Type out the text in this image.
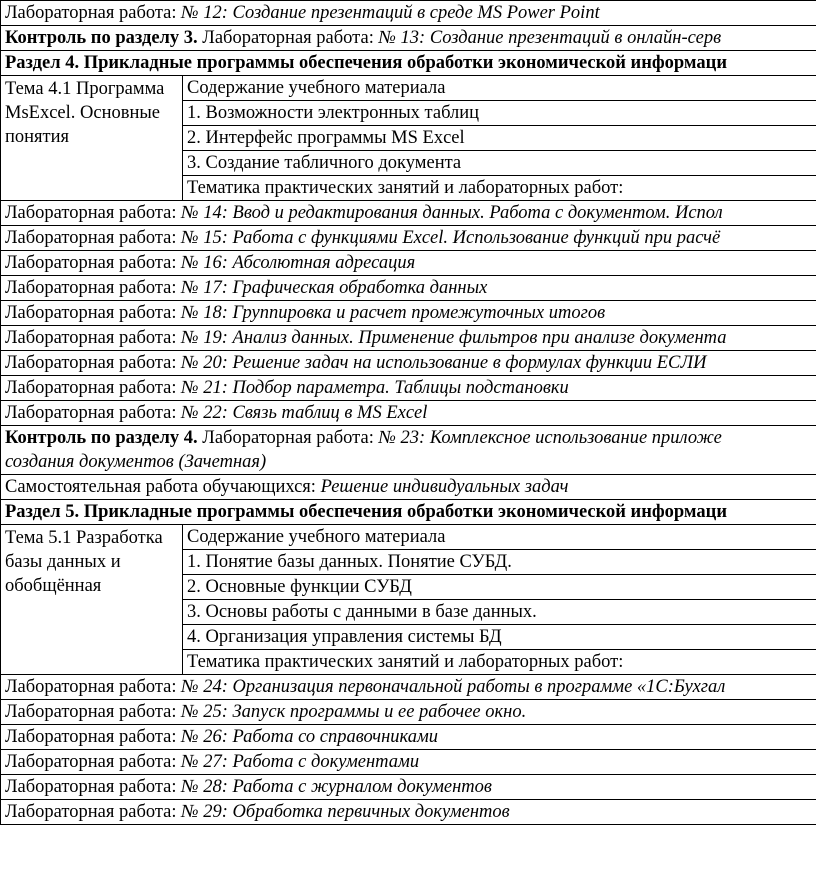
Лабораторная работа: № 12: Создание презентаций в среде MS Power Point	
Контроль по разделу 3. Лабораторная работа: № 13: Создание презентаций в онлайн-серв	
Раздел 4. Прикладные программы обеспечения обработки экономической информаци	
Тема 4.1 Программа MsExcel. Основные понятия	Содержание учебного материала
	1. Возможности электронных таблиц
	2. Интерфейс программы MS Excel
	3. Создание табличного документа
	Тематика практических занятий и лабораторных работ:
Лабораторная работа: № 14: Ввод и редактирования данных. Работа с документом. Испол	
Лабораторная работа: № 15: Работа с функциями Excel. Использование функций при расчё	
Лабораторная работа: № 16: Абсолютная адресация	
Лабораторная работа: № 17: Графическая обработка данных	
Лабораторная работа: № 18: Группировка и расчет промежуточных итогов	
Лабораторная работа: № 19: Анализ данных. Применение фильтров при анализе документа	
Лабораторная работа: № 20: Решение задач на использование в формулах функции ЕСЛИ	
Лабораторная работа: № 21: Подбор параметра. Таблицы подстановки	
Лабораторная работа: № 22: Связь таблиц в MS Excel	
Контроль по разделу 4. Лабораторная работа: № 23: Комплексное использование приложе
создания документов (Зачетная)	
Самостоятельная работа обучающихся: Решение индивидуальных задач	
Раздел 5. Прикладные программы обеспечения обработки экономической информаци	
Тема 5.1 Разработка базы данных и обобщённая	Содержание учебного материала
	1. Понятие базы данных. Понятие СУБД.
	2. Основные функции СУБД
	3. Основы работы с данными в базе данных.
	4. Организация управления системы БД
	Тематика практических занятий и лабораторных работ:
Лабораторная работа: № 24: Организация первоначальной работы в программе «1С:Бухгал	
Лабораторная работа: № 25: Запуск программы и ее рабочее окно.	
Лабораторная работа: № 26: Работа со справочниками	
Лабораторная работа: № 27: Работа с документами	
Лабораторная работа: № 28: Работа с журналом документов	
Лабораторная работа: № 29: Обработка первичных документов	
